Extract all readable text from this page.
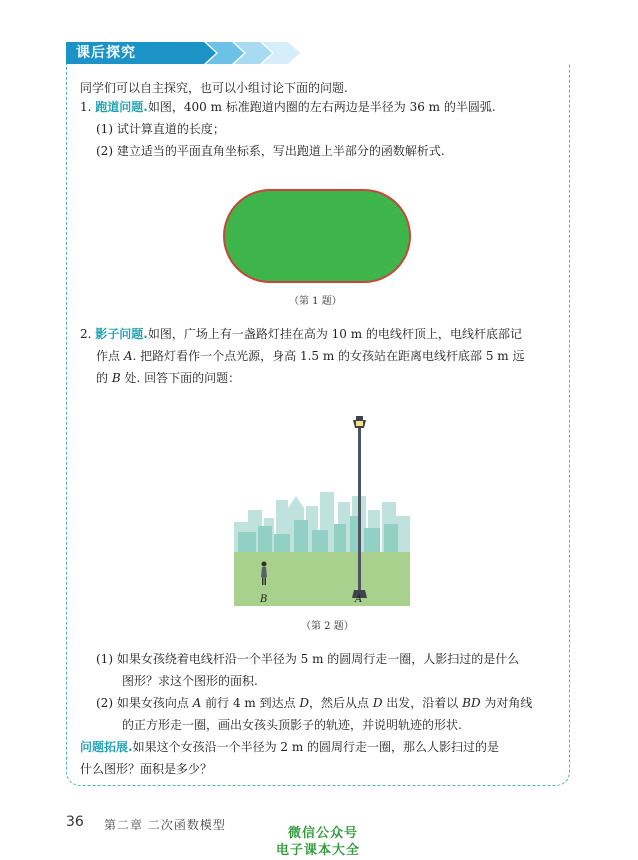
课后探究
同学们可以自主探究，也可以小组讨论下面的问题.
1. 跑道问题.如图，400 m 标准跑道内圈的左右两边是半径为 36 m 的半圆弧.
(1) 试计算直道的长度；
(2) 建立适当的平面直角坐标系，写出跑道上半部分的函数解析式.
（第 1 题）
2. 影子问题.如图，广场上有一盏路灯挂在高为 10 m 的电线杆顶上，电线杆底部记
作点 A. 把路灯看作一个点光源，身高 1.5 m 的女孩站在距离电线杆底部 5 m 远
的 B 处. 回答下面的问题：
B	A
（第 2 题）
(1) 如果女孩绕着电线杆沿一个半径为 5 m 的圆周行走一圈，人影扫过的是什么
图形？求这个图形的面积.
(2) 如果女孩向点 A 前行 4 m 到达点 D，然后从点 D 出发，沿着以 BD 为对角线
的正方形走一圈，画出女孩头顶影子的轨迹，并说明轨迹的形状.
问题拓展.如果这个女孩沿一个半径为 2 m 的圆周行走一圈，那么人影扫过的是
什么图形？面积是多少？
36 第二章 二次函数模型
微信公众号
电子课本大全
